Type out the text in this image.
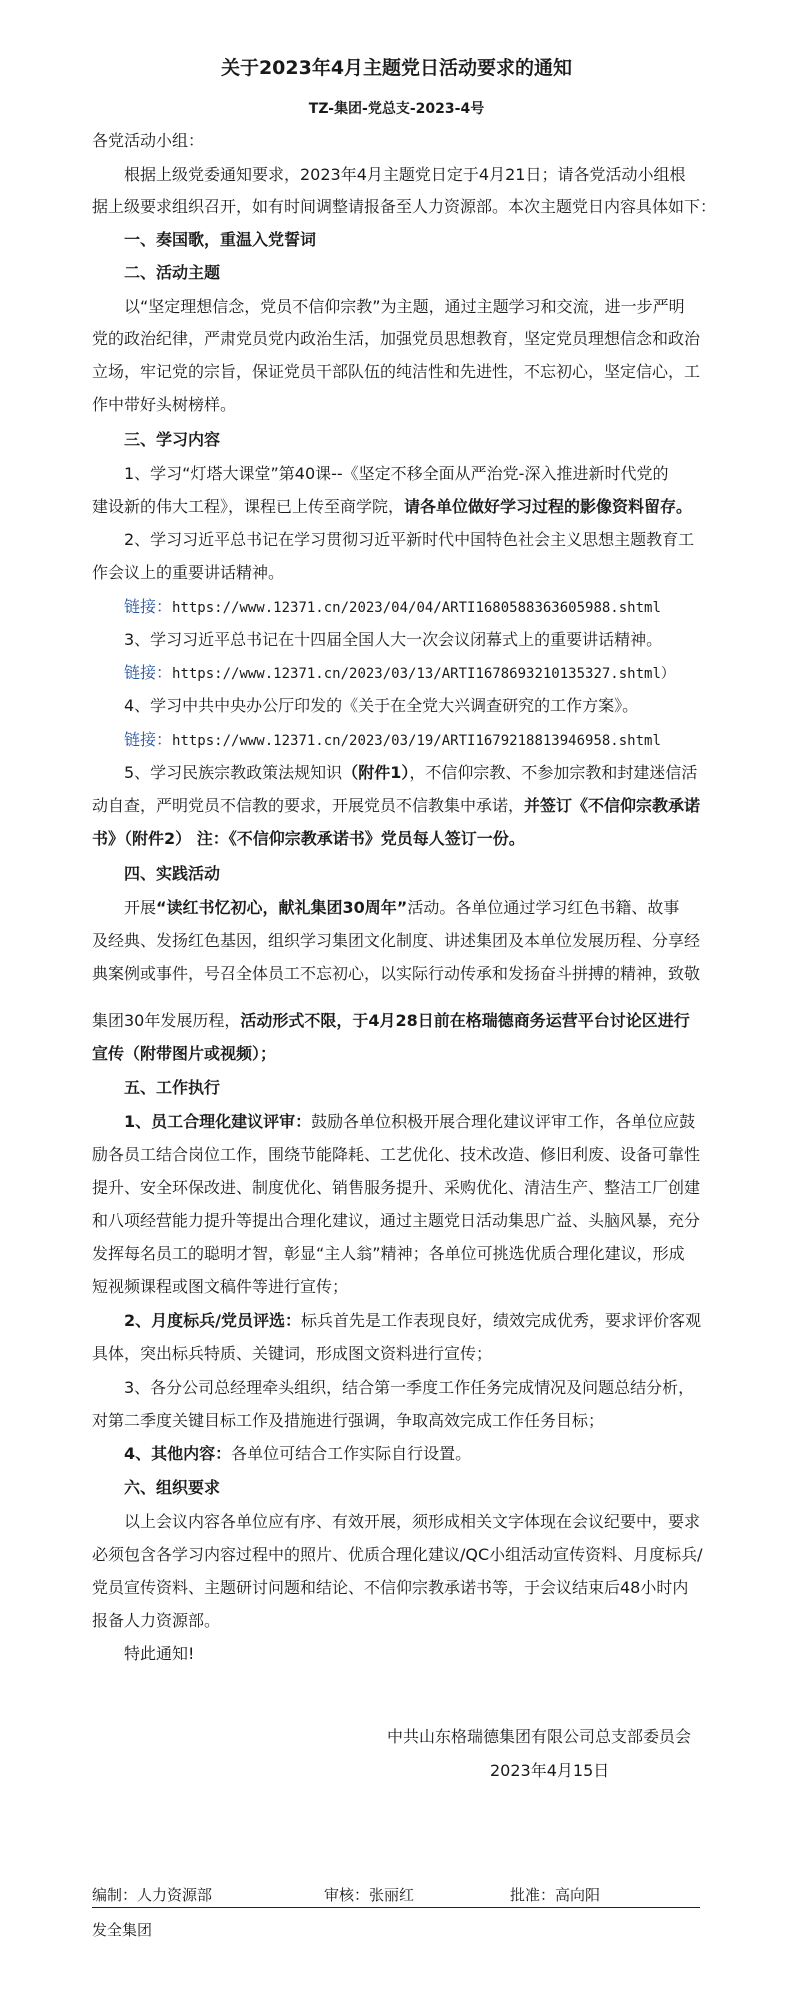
关于2023年4月主题党日活动要求的通知
TZ-集团-党总支-2023-4号
各党活动小组：
根据上级党委通知要求，2023年4月主题党日定于4月21日；请各党活动小组根
据上级要求组织召开，如有时间调整请报备至人力资源部。本次主题党日内容具体如下：
一、奏国歌，重温入党誓词
二、活动主题
以“坚定理想信念，党员不信仰宗教”为主题，通过主题学习和交流，进一步严明
党的政治纪律，严肃党员党内政治生活，加强党员思想教育，坚定党员理想信念和政治
立场，牢记党的宗旨，保证党员干部队伍的纯洁性和先进性，不忘初心，坚定信心，工
作中带好头树榜样。
三、学习内容
1、学习“灯塔大课堂”第40课--《坚定不移全面从严治党-深入推进新时代党的
建设新的伟大工程》，课程已上传至商学院，请各单位做好学习过程的影像资料留存。
2、学习习近平总书记在学习贯彻习近平新时代中国特色社会主义思想主题教育工
作会议上的重要讲话精神。
链接：https://www.12371.cn/2023/04/04/ARTI1680588363605988.shtml
3、学习习近平总书记在十四届全国人大一次会议闭幕式上的重要讲话精神。
链接：https://www.12371.cn/2023/03/13/ARTI1678693210135327.shtml）
4、学习中共中央办公厅印发的《关于在全党大兴调查研究的工作方案》。
链接：https://www.12371.cn/2023/03/19/ARTI1679218813946958.shtml
5、学习民族宗教政策法规知识（附件1），不信仰宗教、不参加宗教和封建迷信活
动自查，严明党员不信教的要求，开展党员不信教集中承诺，并签订《不信仰宗教承诺
书》（附件2） 注：《不信仰宗教承诺书》党员每人签订一份。
四、实践活动
开展“读红书忆初心，献礼集团30周年”活动。各单位通过学习红色书籍、故事
及经典、发扬红色基因，组织学习集团文化制度、讲述集团及本单位发展历程、分享经
典案例或事件，号召全体员工不忘初心，以实际行动传承和发扬奋斗拼搏的精神，致敬
集团30年发展历程，活动形式不限，于4月28日前在格瑞德商务运营平台讨论区进行
宣传（附带图片或视频）；
五、工作执行
1、员工合理化建议评审：鼓励各单位积极开展合理化建议评审工作，各单位应鼓
励各员工结合岗位工作，围绕节能降耗、工艺优化、技术改造、修旧利废、设备可靠性
提升、安全环保改进、制度优化、销售服务提升、采购优化、清洁生产、整洁工厂创建
和八项经营能力提升等提出合理化建议，通过主题党日活动集思广益、头脑风暴，充分
发挥每名员工的聪明才智，彰显“主人翁”精神；各单位可挑选优质合理化建议，形成
短视频课程或图文稿件等进行宣传；
2、月度标兵/党员评选：标兵首先是工作表现良好，绩效完成优秀，要求评价客观
具体，突出标兵特质、关键词，形成图文资料进行宣传；
3、各分公司总经理牵头组织，结合第一季度工作任务完成情况及问题总结分析，
对第二季度关键目标工作及措施进行强调，争取高效完成工作任务目标；
4、其他内容：各单位可结合工作实际自行设置。
六、组织要求
以上会议内容各单位应有序、有效开展，须形成相关文字体现在会议纪要中，要求
必须包含各学习内容过程中的照片、优质合理化建议/QC小组活动宣传资料、月度标兵/
党员宣传资料、主题研讨问题和结论、不信仰宗教承诺书等，于会议结束后48小时内
报备人力资源部。
特此通知!
中共山东格瑞德集团有限公司总支部委员会
2023年4月15日
编制：人力资源部	审核：张丽红	批准：高向阳
发全集团
